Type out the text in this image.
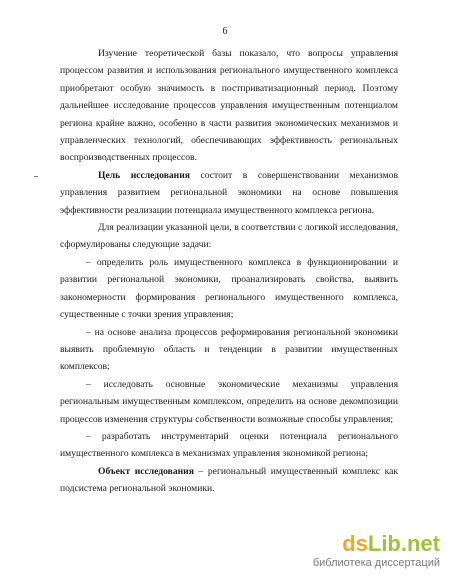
6

Изучение теоретической базы показало, что вопросы управления процессом развития и использования регионального имущественного комплекса приобретают особую значимость в постприватизационный период. Поэтому дальнейшее исследование процессов управления имущественным потенциалом региона крайне важно, особенно в части развития экономических механизмов и управленческих технологий, обеспечивающих эффективность региональных воспроизводственных процессов.

Цель исследования состоит в совершенствовании механизмов управления развитием региональной экономики на основе повышения эффективности реализации потенциала имущественного комплекса региона.

Для реализации указанной цели, в соответствии с логикой исследования, сформулированы следующие задачи:

– определить роль имущественного комплекса в функционировании и развитии региональной экономики, проанализировать свойства, выявить закономерности формирования регионального имущественного комплекса, существенные с точки зрения управления;

– на основе анализа процессов реформирования региональной экономики выявить проблемную область и тенденции в развитии имущественных комплексов;

– исследовать основные экономические механизмы управления региональным имущественным комплексом, определить на основе декомпозиции процессов изменения структуры собственности возможные способы управления;

– разработать инструментарий оценки потенциала регионального имущественного комплекса в механизмах управления экономикой региона;

Объект исследования – региональный имущественный комплекс как подсистема региональной экономики.

dsLib.net
библиотека диссертаций
